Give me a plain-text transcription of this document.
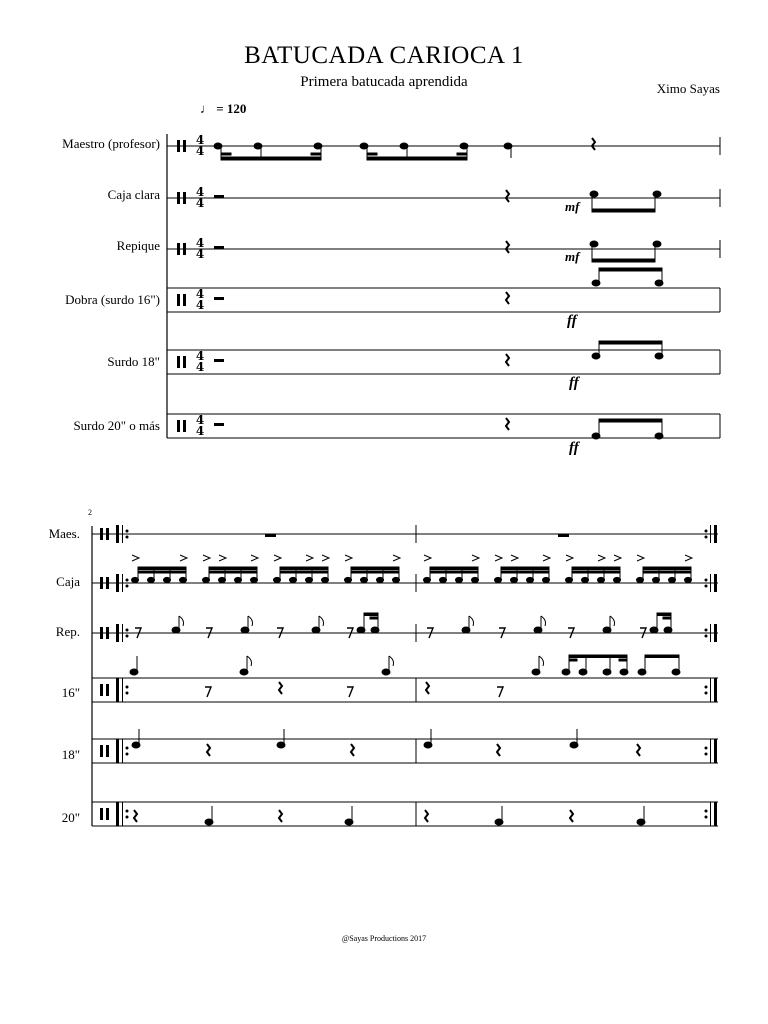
BATUCADA CARIOCA 1
Primera batucada aprendida	Ximo Sayas
♩ = 120
Maestro (profesor)
Caja clara
Repique
Dobra (surdo 16")
Surdo 18"
Surdo 20" o más
2
Maes.
Caja
Rep.
16"
18"
20"
4
4
4
4
4
4
4
4
4
4
4
4
@Sayas Productions 2017
mf
mf
ff
ff
ff
